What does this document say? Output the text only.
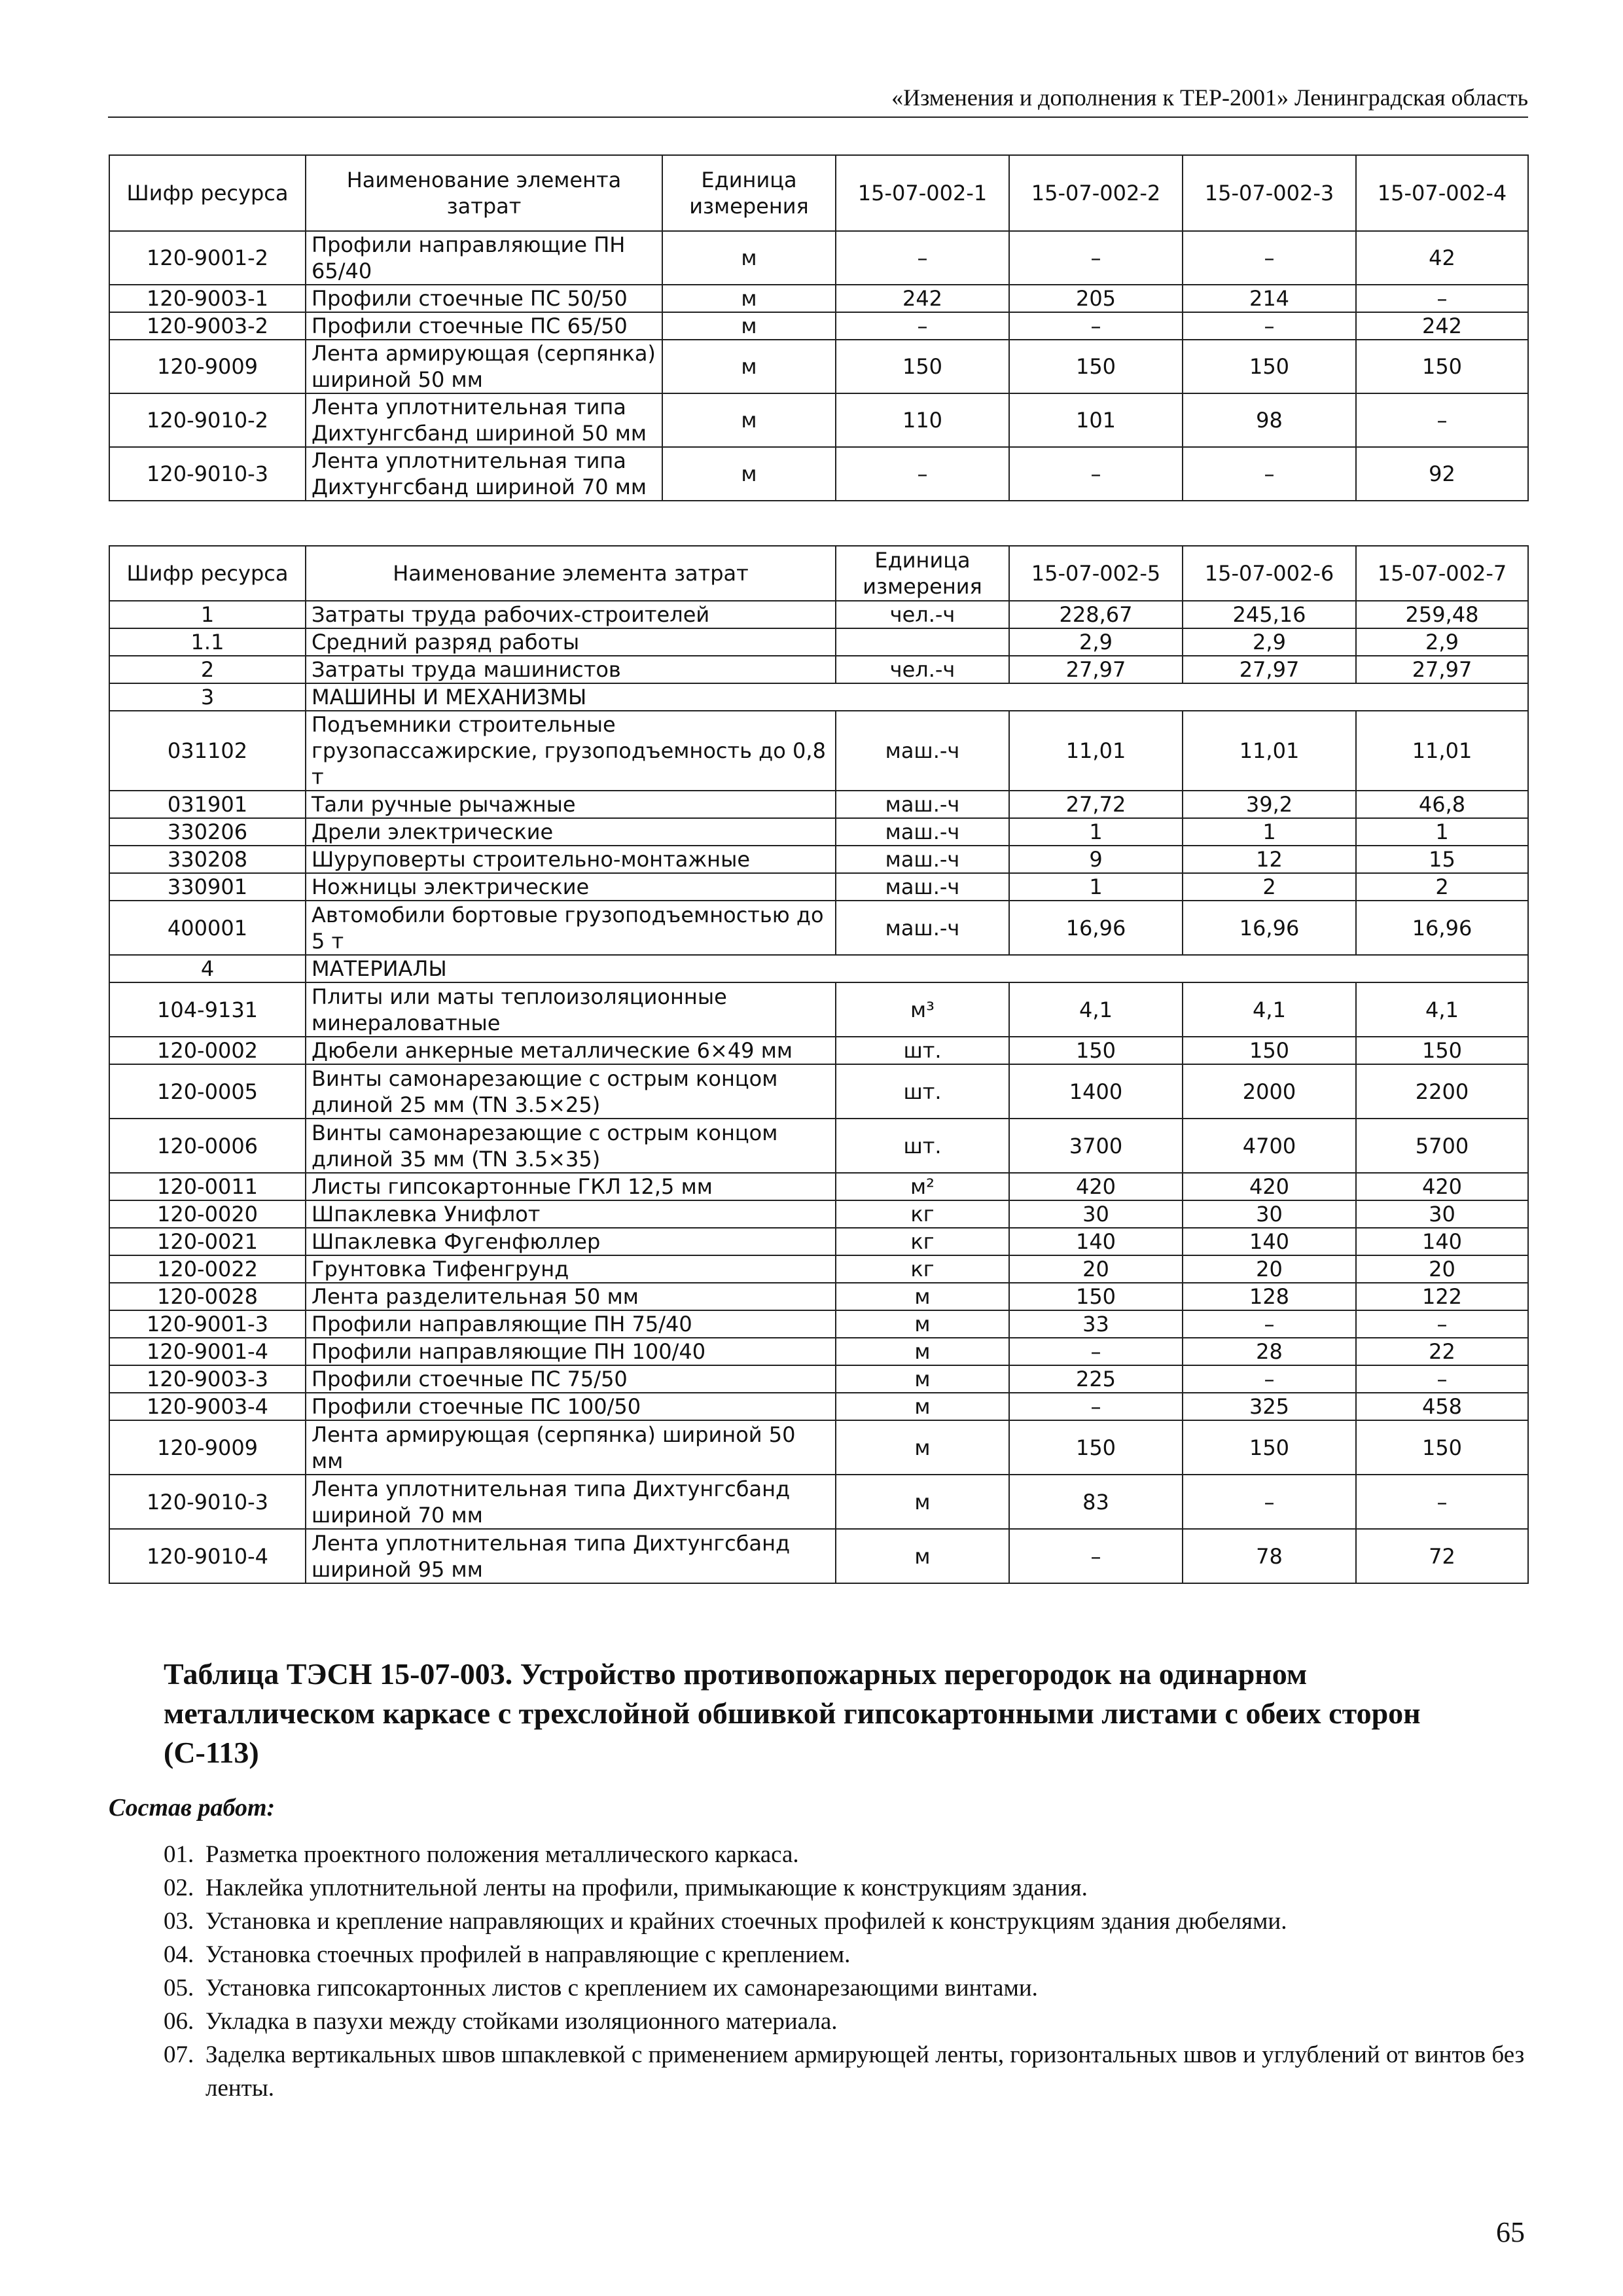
«Изменения и дополнения к ТЕР-2001» Ленинградская область
Шифр ресурса	Наименование элемента затрат	Единица измерения	15-07-002-1	15-07-002-2	15-07-002-3	15-07-002-4
120-9001-2	Профили направляющие ПН 65/40	м	–	–	–	42
120-9003-1	Профили стоечные ПС 50/50	м	242	205	214	–
120-9003-2	Профили стоечные ПС 65/50	м	–	–	–	242
120-9009	Лента армирующая (серпянка) шириной 50 мм	м	150	150	150	150
120-9010-2	Лента уплотнительная типа Дихтунгсбанд шириной 50 мм	м	110	101	98	–
120-9010-3	Лента уплотнительная типа Дихтунгсбанд шириной 70 мм	м	–	–	–	92
Шифр ресурса	Наименование элемента затрат	Единица измерения	15-07-002-5	15-07-002-6	15-07-002-7
1	Затраты труда рабочих-строителей	чел.-ч	228,67	245,16	259,48
1.1	Средний разряд работы		2,9	2,9	2,9
2	Затраты труда машинистов	чел.-ч	27,97	27,97	27,97
3	МАШИНЫ И МЕХАНИЗМЫ				
031102	Подъемники строительные грузопассажирские, грузоподъемность до 0,8 т	маш.-ч	11,01	11,01	11,01
031901	Тали ручные рычажные	маш.-ч	27,72	39,2	46,8
330206	Дрели электрические	маш.-ч	1	1	1
330208	Шуруповерты строительно-монтажные	маш.-ч	9	12	15
330901	Ножницы электрические	маш.-ч	1	2	2
400001	Автомобили бортовые грузоподъемностью до 5 т	маш.-ч	16,96	16,96	16,96
4	МАТЕРИАЛЫ				
104-9131	Плиты или маты теплоизоляционные минераловатные	м³	4,1	4,1	4,1
120-0002	Дюбели анкерные металлические 6×49 мм	шт.	150	150	150
120-0005	Винты самонарезающие с острым концом длиной 25 мм (TN 3.5×25)	шт.	1400	2000	2200
120-0006	Винты самонарезающие с острым концом длиной 35 мм (TN 3.5×35)	шт.	3700	4700	5700
120-0011	Листы гипсокартонные ГКЛ 12,5 мм	м²	420	420	420
120-0020	Шпаклевка Унифлот	кг	30	30	30
120-0021	Шпаклевка Фугенфюллер	кг	140	140	140
120-0022	Грунтовка Тифенгрунд	кг	20	20	20
120-0028	Лента разделительная 50 мм	м	150	128	122
120-9001-3	Профили направляющие ПН 75/40	м	33	–	–
120-9001-4	Профили направляющие ПН 100/40	м	–	28	22
120-9003-3	Профили стоечные ПС 75/50	м	225	–	–
120-9003-4	Профили стоечные ПС 100/50	м	–	325	458
120-9009	Лента армирующая (серпянка) шириной 50 мм	м	150	150	150
120-9010-3	Лента уплотнительная типа Дихтунгсбанд шириной 70 мм	м	83	–	–
120-9010-4	Лента уплотнительная типа Дихтунгсбанд шириной 95 мм	м	–	78	72
Таблица ТЭСН 15-07-003. Устройство противопожарных перегородок на одинарном металлическом каркасе с трехслойной обшивкой гипсокартонными листами с обеих сторон (С-113)
Состав работ:
01. Разметка проектного положения металлического каркаса.
02. Наклейка уплотнительной ленты на профили, примыкающие к конструкциям здания.
03. Установка и крепление направляющих и крайних стоечных профилей к конструкциям здания дюбелями.
04. Установка стоечных профилей в направляющие с креплением.
05. Установка гипсокартонных листов с креплением их самонарезающими винтами.
06. Укладка в пазухи между стойками изоляционного материала.
07. Заделка вертикальных швов шпаклевкой с применением армирующей ленты, горизонтальных швов и углублений от винтов без ленты.
65
